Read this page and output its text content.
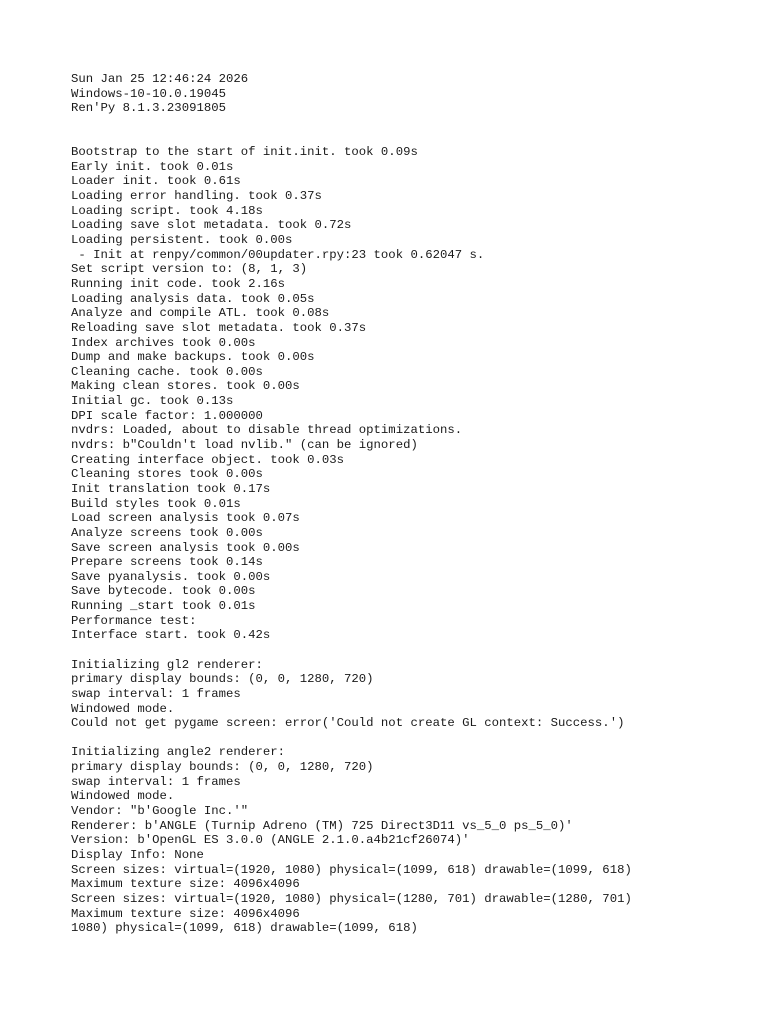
Sun Jan 25 12:46:24 2026
Windows-10-10.0.19045
Ren'Py 8.1.3.23091805
Bootstrap to the start of init.init. took 0.09s
Early init. took 0.01s
Loader init. took 0.61s
Loading error handling. took 0.37s
Loading script. took 4.18s
Loading save slot metadata. took 0.72s
Loading persistent. took 0.00s
- Init at renpy/common/00updater.rpy:23 took 0.62047 s.
Set script version to: (8, 1, 3)
Running init code. took 2.16s
Loading analysis data. took 0.05s
Analyze and compile ATL. took 0.08s
Reloading save slot metadata. took 0.37s
Index archives took 0.00s
Dump and make backups. took 0.00s
Cleaning cache. took 0.00s
Making clean stores. took 0.00s
Initial gc. took 0.13s
DPI scale factor: 1.000000
nvdrs: Loaded, about to disable thread optimizations.
nvdrs: b"Couldn't load nvlib." (can be ignored)
Creating interface object. took 0.03s
Cleaning stores took 0.00s
Init translation took 0.17s
Build styles took 0.01s
Load screen analysis took 0.07s
Analyze screens took 0.00s
Save screen analysis took 0.00s
Prepare screens took 0.14s
Save pyanalysis. took 0.00s
Save bytecode. took 0.00s
Running _start took 0.01s
Performance test:
Interface start. took 0.42s
Initializing gl2 renderer:
primary display bounds: (0, 0, 1280, 720)
swap interval: 1 frames
Windowed mode.
Could not get pygame screen: error('Could not create GL context: Success.')
Initializing angle2 renderer:
primary display bounds: (0, 0, 1280, 720)
swap interval: 1 frames
Windowed mode.
Vendor: "b'Google Inc.'"
Renderer: b'ANGLE (Turnip Adreno (TM) 725 Direct3D11 vs_5_0 ps_5_0)'
Version: b'OpenGL ES 3.0.0 (ANGLE 2.1.0.a4b21cf26074)'
Display Info: None
Screen sizes: virtual=(1920, 1080) physical=(1099, 618) drawable=(1099, 618)
Maximum texture size: 4096x4096
Screen sizes: virtual=(1920, 1080) physical=(1280, 701) drawable=(1280, 701)
Maximum texture size: 4096x4096
1080) physical=(1099, 618) drawable=(1099, 618)
